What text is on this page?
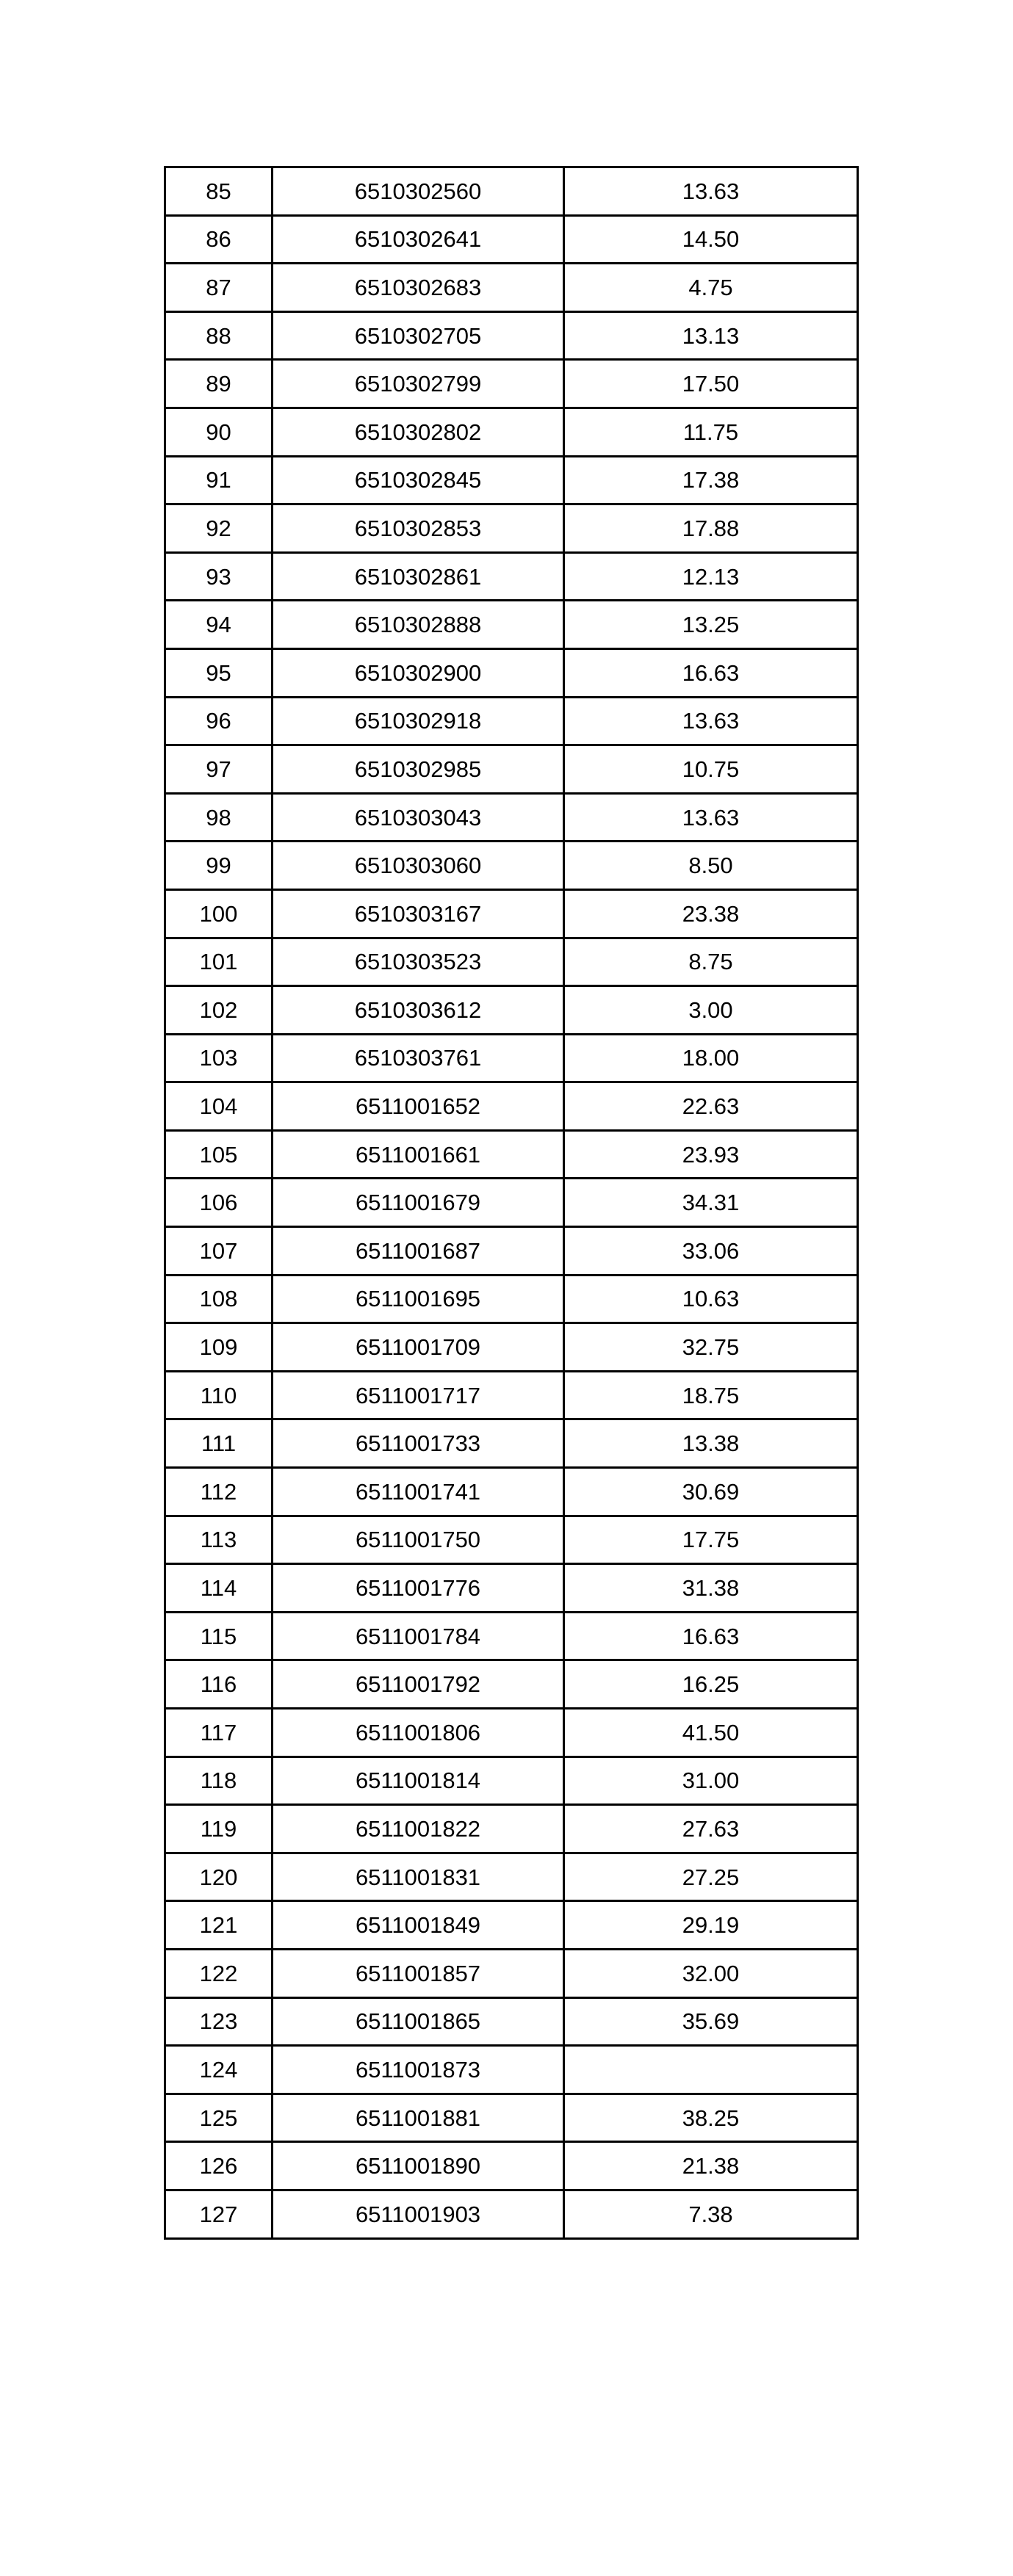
85	6510302560	13.63
86	6510302641	14.50
87	6510302683	4.75
88	6510302705	13.13
89	6510302799	17.50
90	6510302802	11.75
91	6510302845	17.38
92	6510302853	17.88
93	6510302861	12.13
94	6510302888	13.25
95	6510302900	16.63
96	6510302918	13.63
97	6510302985	10.75
98	6510303043	13.63
99	6510303060	8.50
100	6510303167	23.38
101	6510303523	8.75
102	6510303612	3.00
103	6510303761	18.00
104	6511001652	22.63
105	6511001661	23.93
106	6511001679	34.31
107	6511001687	33.06
108	6511001695	10.63
109	6511001709	32.75
110	6511001717	18.75
111	6511001733	13.38
112	6511001741	30.69
113	6511001750	17.75
114	6511001776	31.38
115	6511001784	16.63
116	6511001792	16.25
117	6511001806	41.50
118	6511001814	31.00
119	6511001822	27.63
120	6511001831	27.25
121	6511001849	29.19
122	6511001857	32.00
123	6511001865	35.69
124	6511001873	
125	6511001881	38.25
126	6511001890	21.38
127	6511001903	7.38
